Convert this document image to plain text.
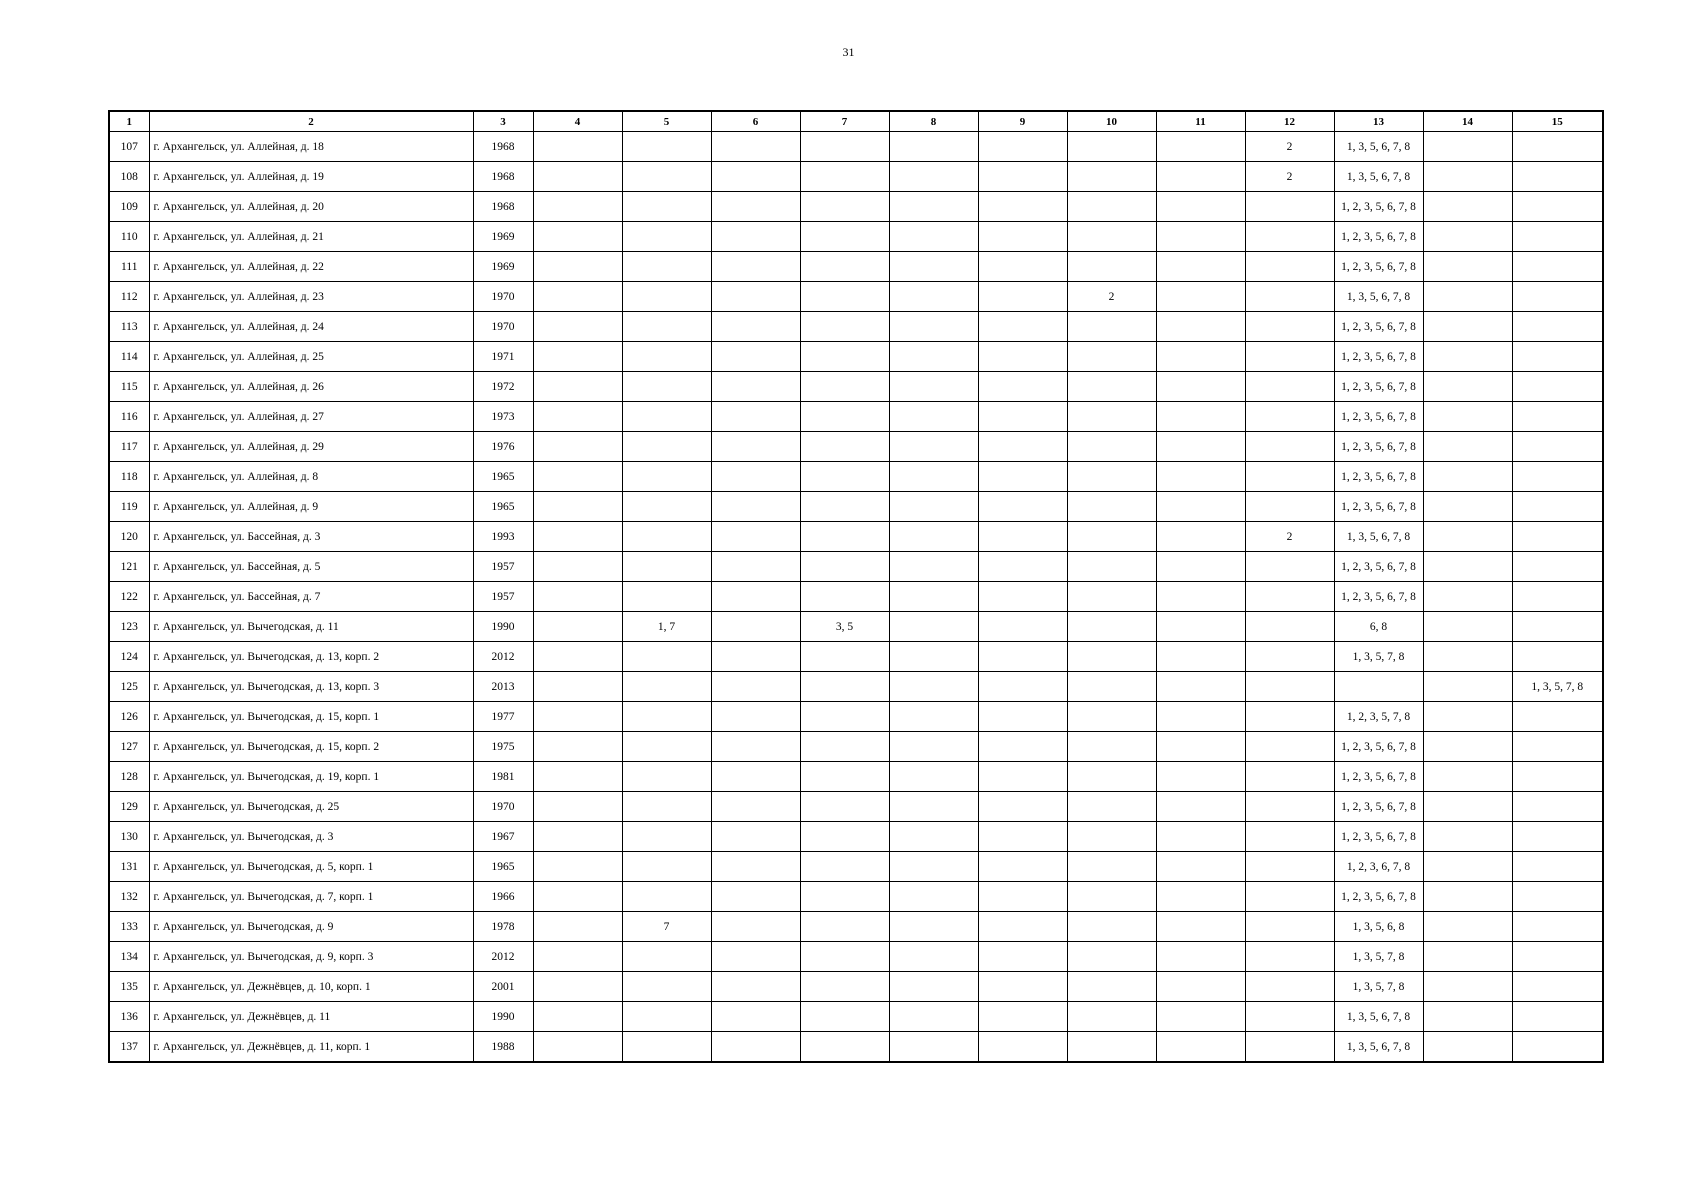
31
1	2	3	4	5	6	7	8	9	10	11	12	13	14	15
107	г. Архангельск, ул. Аллейная, д. 18	1968									2	1, 3, 5, 6, 7, 8		
108	г. Архангельск, ул. Аллейная, д. 19	1968									2	1, 3, 5, 6, 7, 8		
109	г. Архангельск, ул. Аллейная, д. 20	1968										1, 2, 3, 5, 6, 7, 8		
110	г. Архангельск, ул. Аллейная, д. 21	1969										1, 2, 3, 5, 6, 7, 8		
111	г. Архангельск, ул. Аллейная, д. 22	1969										1, 2, 3, 5, 6, 7, 8		
112	г. Архангельск, ул. Аллейная, д. 23	1970							2			1, 3, 5, 6, 7, 8		
113	г. Архангельск, ул. Аллейная, д. 24	1970										1, 2, 3, 5, 6, 7, 8		
114	г. Архангельск, ул. Аллейная, д. 25	1971										1, 2, 3, 5, 6, 7, 8		
115	г. Архангельск, ул. Аллейная, д. 26	1972										1, 2, 3, 5, 6, 7, 8		
116	г. Архангельск, ул. Аллейная, д. 27	1973										1, 2, 3, 5, 6, 7, 8		
117	г. Архангельск, ул. Аллейная, д. 29	1976										1, 2, 3, 5, 6, 7, 8		
118	г. Архангельск, ул. Аллейная, д. 8	1965										1, 2, 3, 5, 6, 7, 8		
119	г. Архангельск, ул. Аллейная, д. 9	1965										1, 2, 3, 5, 6, 7, 8		
120	г. Архангельск, ул. Бассейная, д. 3	1993									2	1, 3, 5, 6, 7, 8		
121	г. Архангельск, ул. Бассейная, д. 5	1957										1, 2, 3, 5, 6, 7, 8		
122	г. Архангельск, ул. Бассейная, д. 7	1957										1, 2, 3, 5, 6, 7, 8		
123	г. Архангельск, ул. Вычегодская, д. 11	1990		1, 7		3, 5						6, 8		
124	г. Архангельск, ул. Вычегодская, д. 13, корп. 2	2012										1, 3, 5, 7, 8		
125	г. Архангельск, ул. Вычегодская, д. 13, корп. 3	2013												1, 3, 5, 7, 8
126	г. Архангельск, ул. Вычегодская, д. 15, корп. 1	1977										1, 2, 3, 5, 7, 8		
127	г. Архангельск, ул. Вычегодская, д. 15, корп. 2	1975										1, 2, 3, 5, 6, 7, 8		
128	г. Архангельск, ул. Вычегодская, д. 19, корп. 1	1981										1, 2, 3, 5, 6, 7, 8		
129	г. Архангельск, ул. Вычегодская, д. 25	1970										1, 2, 3, 5, 6, 7, 8		
130	г. Архангельск, ул. Вычегодская, д. 3	1967										1, 2, 3, 5, 6, 7, 8		
131	г. Архангельск, ул. Вычегодская, д. 5, корп. 1	1965										1, 2, 3, 6, 7, 8		
132	г. Архангельск, ул. Вычегодская, д. 7, корп. 1	1966										1, 2, 3, 5, 6, 7, 8		
133	г. Архангельск, ул. Вычегодская, д. 9	1978		7								1, 3, 5, 6, 8		
134	г. Архангельск, ул. Вычегодская, д. 9, корп. 3	2012										1, 3, 5, 7, 8		
135	г. Архангельск, ул. Дежнёвцев, д. 10, корп. 1	2001										1, 3, 5, 7, 8		
136	г. Архангельск, ул. Дежнёвцев, д. 11	1990										1, 3, 5, 6, 7, 8		
137	г. Архангельск, ул. Дежнёвцев, д. 11, корп. 1	1988										1, 3, 5, 6, 7, 8		
